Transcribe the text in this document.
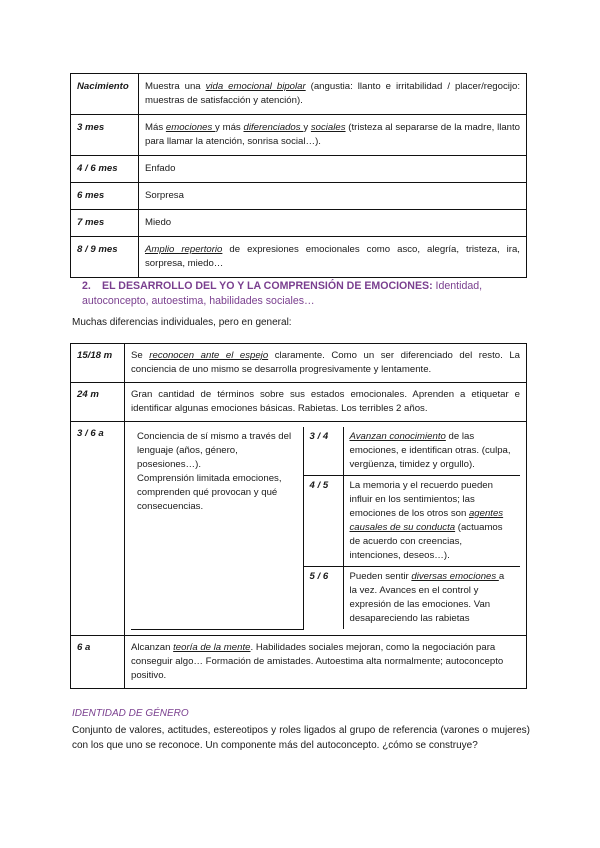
Nacimiento	Muestra una vida emocional bipolar (angustia: llanto e irritabilidad / placer/regocijo: muestras de satisfacción y atención).
3 mes	Más emociones y más diferenciados y sociales (tristeza al separarse de la madre, llanto para llamar la atención, sonrisa social…).
4 / 6 mes	Enfado
6 mes	Sorpresa
7 mes	Miedo
8 / 9 mes	Amplio repertorio de expresiones emocionales como asco, alegría, tristeza, ira, sorpresa, miedo…
2. EL DESARROLLO DEL YO Y LA COMPRENSIÓN DE EMOCIONES: Identidad, autoconcepto, autoestima, habilidades sociales…
Muchas diferencias individuales, pero en general:
15/18 m	Se reconocen ante el espejo claramente. Como un ser diferenciado del resto. La conciencia de uno mismo se desarrolla progresivamente y lentamente.
24 m	Gran cantidad de términos sobre sus estados emocionales. Aprenden a etiquetar e identificar algunas emociones básicas. Rabietas. Los terribles 2 años.
3 / 6 a		Conciencia de sí mismo a través del lenguaje (años, género, posesiones…).
Comprensión limitada emociones, comprenden qué provocan y qué consecuencias.
	3 / 4	Avanzan conocimiento de las emociones, e identifican otras. (culpa, vergüenza, timidez y orgullo).
4 / 5	La memoria y el recuerdo pueden influir en los sentimientos; las emociones de los otros son agentes causales de su conducta (actuamos de acuerdo con creencias, intenciones, deseos…).
5 / 6	Pueden sentir diversas emociones a la vez. Avances en el control y expresión de las emociones. Van desapareciendo las rabietas

6 a	Alcanzan teoría de la mente. Habilidades sociales mejoran, como la negociación para conseguir algo… Formación de amistades. Autoestima alta normalmente; autoconcepto positivo.
IDENTIDAD DE GÉNERO
Conjunto de valores, actitudes, estereotipos y roles ligados al grupo de referencia (varones o mujeres) con los que uno se reconoce. Un componente más del autoconcepto. ¿cómo se construye?
